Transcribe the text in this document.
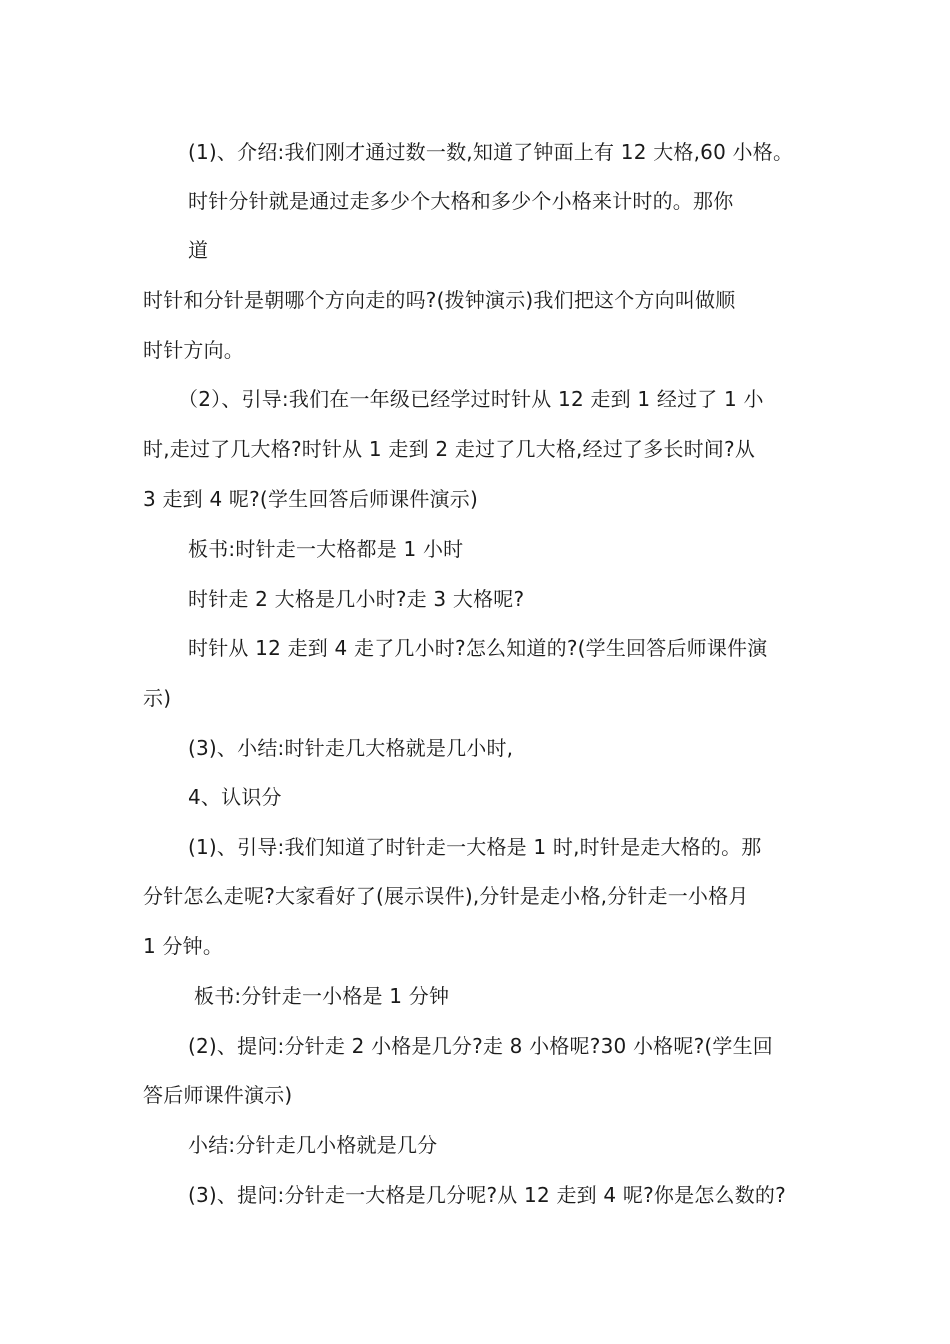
(1)、介绍:我们刚才通过数一数,知道了钟面上有 12 大格,60 小格。
时针分针就是通过走多少个大格和多少个小格来计时的。那你
道
时针和分针是朝哪个方向走的吗?(拨钟演示)我们把这个方向叫做顺
时针方向。
（2）、引导:我们在一年级已经学过时针从 12 走到 1 经过了 1 小
时,走过了几大格?时针从 1 走到 2 走过了几大格,经过了多长时间?从
3 走到 4 呢?(学生回答后师课件演示)
板书:时针走一大格都是 1 小时
时针走 2 大格是几小时?走 3 大格呢?
时针从 12 走到 4 走了几小时?怎么知道的?(学生回答后师课件演
示)
(3)、小结:时针走几大格就是几小时,
4、认识分
(1)、引导:我们知道了时针走一大格是 1 时,时针是走大格的。那
分针怎么走呢?大家看好了(展示误件),分针是走小格,分针走一小格月
1 分钟。
板书:分针走一小格是 1 分钟
(2)、提问:分针走 2 小格是几分?走 8 小格呢?30 小格呢?(学生回
答后师课件演示)
小结:分针走几小格就是几分
(3)、提问:分针走一大格是几分呢?从 12 走到 4 呢?你是怎么数的?
